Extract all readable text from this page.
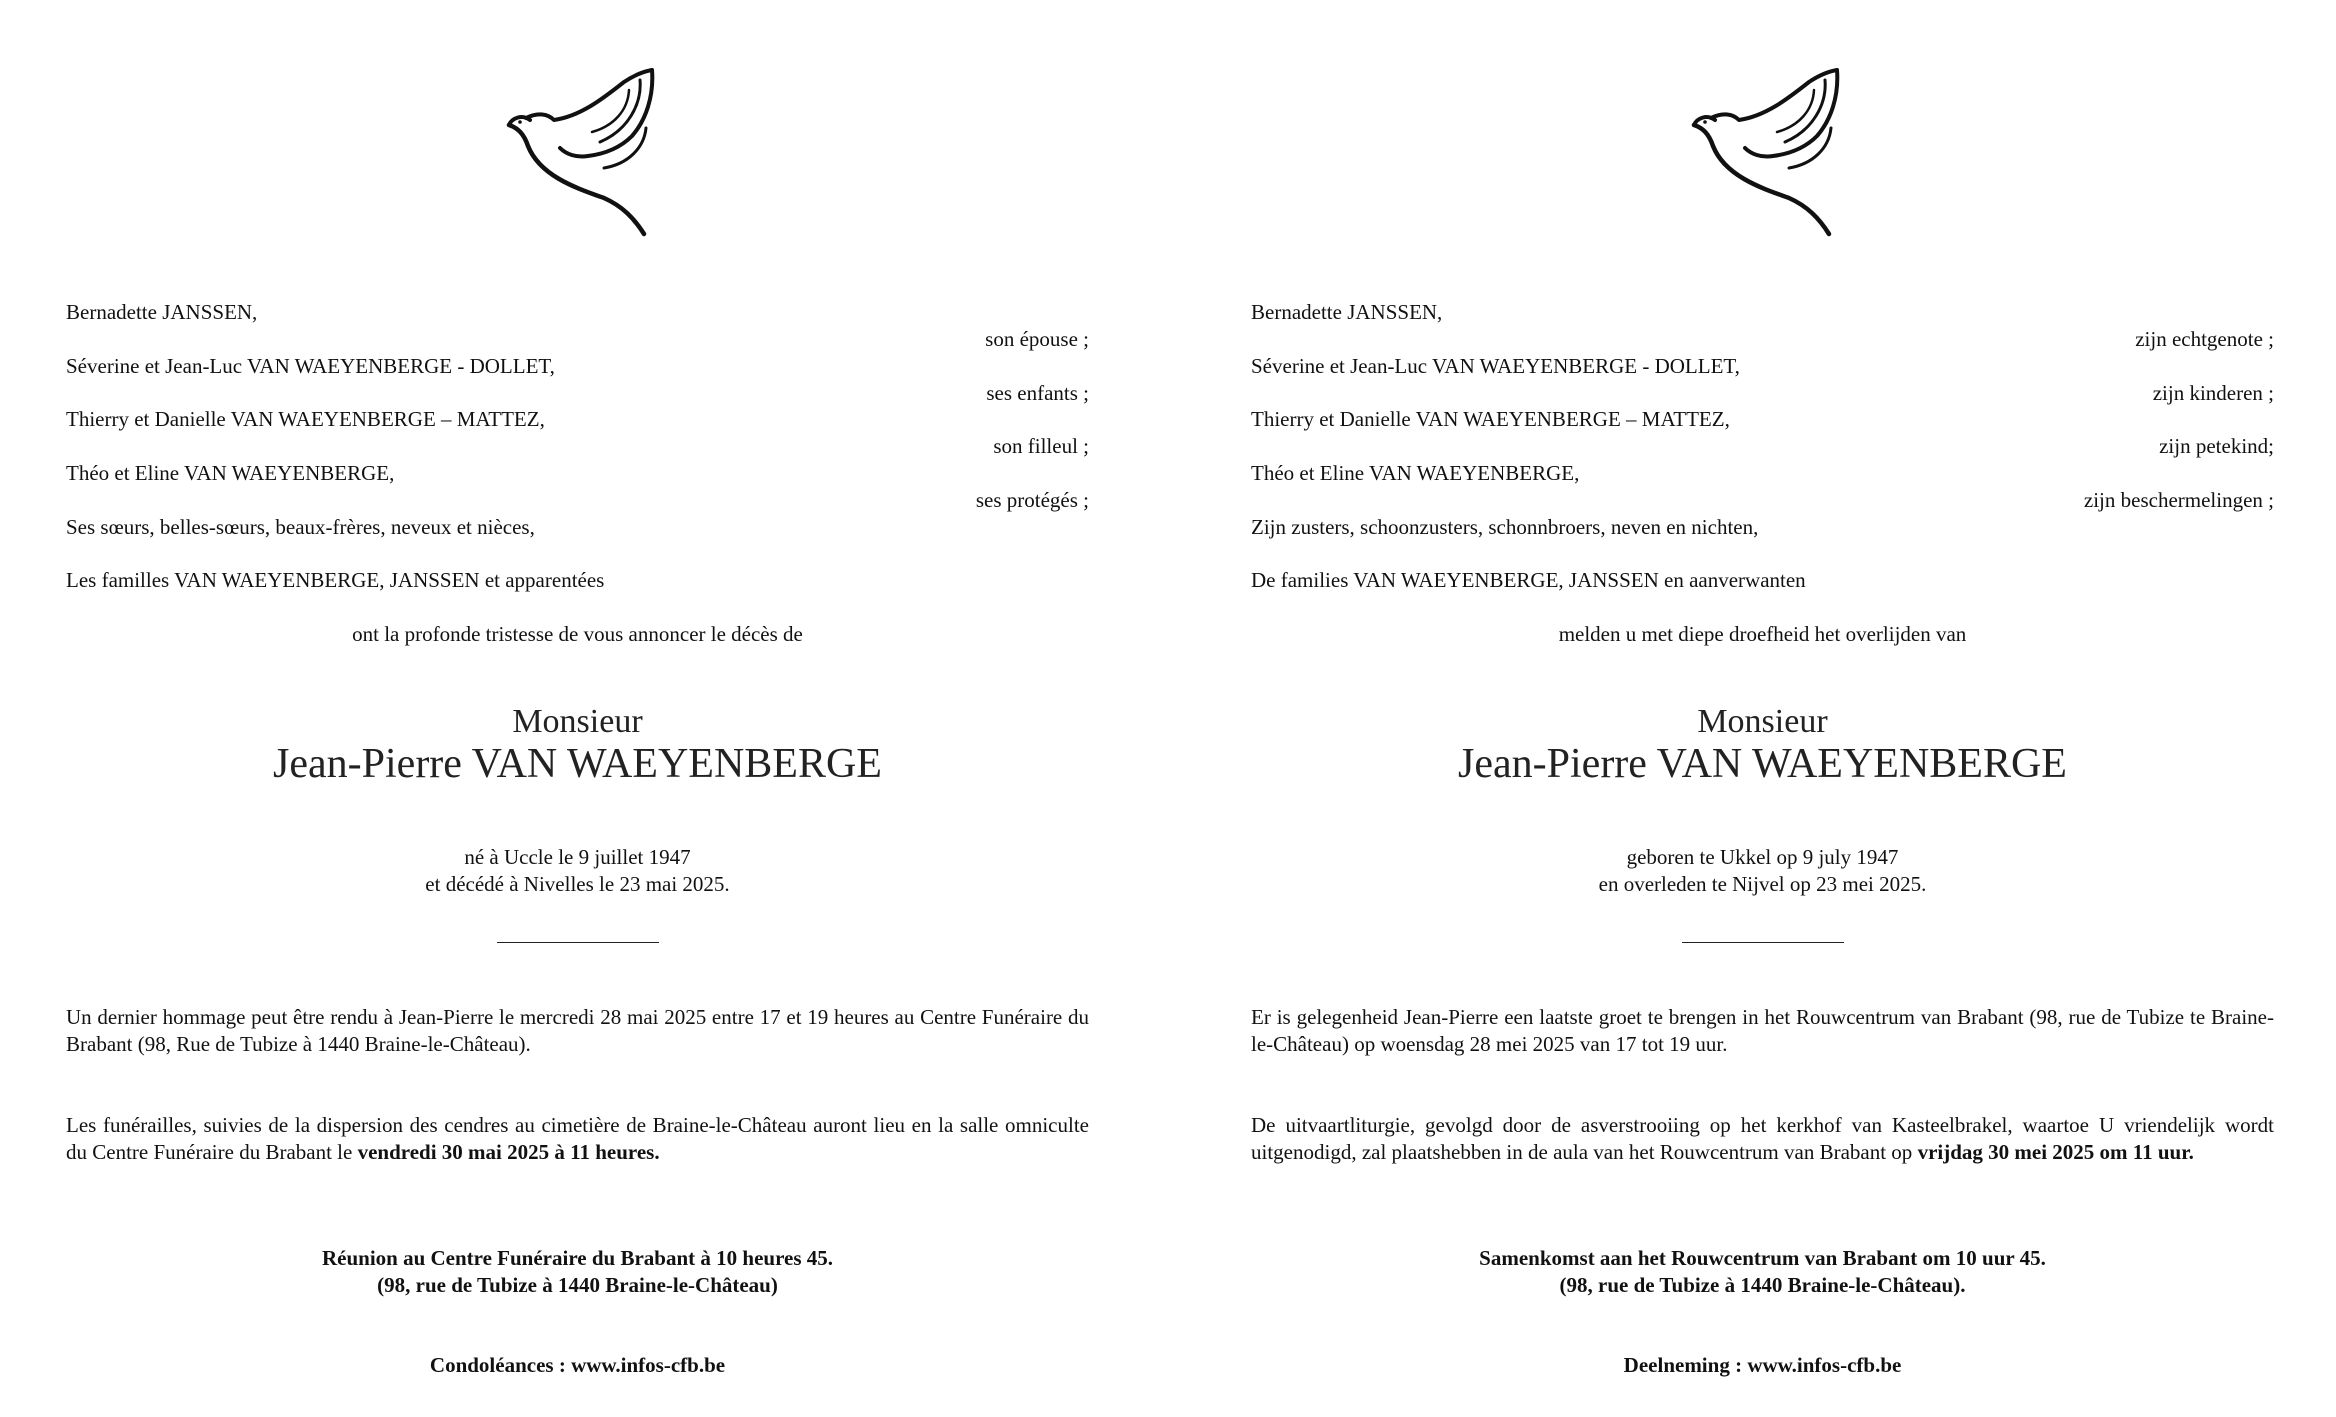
Bernadette JANSSEN,
son épouse ;
Séverine et Jean-Luc VAN WAEYENBERGE - DOLLET,
ses enfants ;
Thierry et Danielle VAN WAEYENBERGE – MATTEZ,
son filleul ;
Théo et Eline VAN WAEYENBERGE,
ses protégés ;
Ses sœurs, belles-sœurs, beaux-frères, neveux et nièces,
Les familles VAN WAEYENBERGE, JANSSEN et apparentées
ont la profonde tristesse de vous annoncer le décès de
Monsieur
Jean-Pierre VAN WAEYENBERGE
né à Uccle le 9 juillet 1947
et décédé à Nivelles le 23 mai 2025.
Un dernier hommage peut être rendu à Jean-Pierre le mercredi 28 mai 2025 entre 17 et 19 heures au Centre Funéraire du Brabant (98, Rue de Tubize à 1440 Braine-le-Château).
Les funérailles, suivies de la dispersion des cendres au cimetière de Braine-le-Château auront lieu en la salle omniculte du Centre Funéraire du Brabant le vendredi 30 mai 2025 à 11 heures.
Réunion au Centre Funéraire du Brabant à 10 heures 45.
(98, rue de Tubize à 1440 Braine-le-Château)
Condoléances : www.infos-cfb.be
Bernadette JANSSEN,
zijn echtgenote ;
Séverine et Jean-Luc VAN WAEYENBERGE - DOLLET,
zijn kinderen ;
Thierry et Danielle VAN WAEYENBERGE – MATTEZ,
zijn petekind;
Théo et Eline VAN WAEYENBERGE,
zijn beschermelingen ;
Zijn zusters, schoonzusters, schonnbroers, neven en nichten,
De families VAN WAEYENBERGE, JANSSEN en aanverwanten
melden u met diepe droefheid het overlijden van
Monsieur
Jean-Pierre VAN WAEYENBERGE
geboren te Ukkel op 9 july 1947
en overleden te Nijvel op 23 mei 2025.
Er is gelegenheid Jean-Pierre een laatste groet te brengen in het Rouwcentrum van Brabant (98, rue de Tubize te Braine-le-Château) op woensdag 28 mei 2025 van 17 tot 19 uur.
De uitvaartliturgie, gevolgd door de asverstrooiing op het kerkhof van Kasteelbrakel, waartoe U vriendelijk wordt uitgenodigd, zal plaatshebben in de aula van het Rouwcentrum van Brabant op vrijdag 30 mei 2025 om 11 uur.
Samenkomst aan het Rouwcentrum van Brabant om 10 uur 45.
(98, rue de Tubize à 1440 Braine-le-Château).
Deelneming : www.infos-cfb.be
